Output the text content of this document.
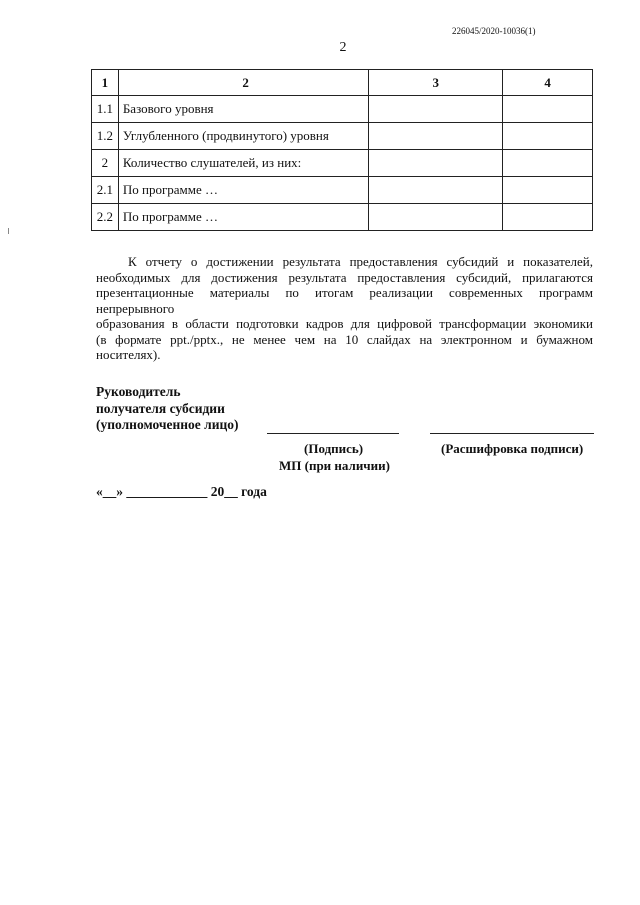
226045/2020-10036(1)
2
1	2	3	4
1.1	Базового уровня		
1.2	Углубленного (продвинутого) уровня		
2	Количество слушателей, из них:		
2.1	По программе …		
2.2	По программе …		
К отчету о достижении результата предоставления субсидий и показателей,
необходимых для достижения результата предоставления субсидий, прилагаются
презентационные материалы по итогам реализации современных программ непрерывного
образования в области подготовки кадров для цифровой трансформации экономики
(в формате ppt./pptx., не менее чем на 10 слайдах на электронном и бумажном носителях).
Руководитель
получателя субсидии
(уполномоченное лицо)
(Подпись)	(Расшифровка подписи)
МП (при наличии)
«__» ____________ 20__ года
